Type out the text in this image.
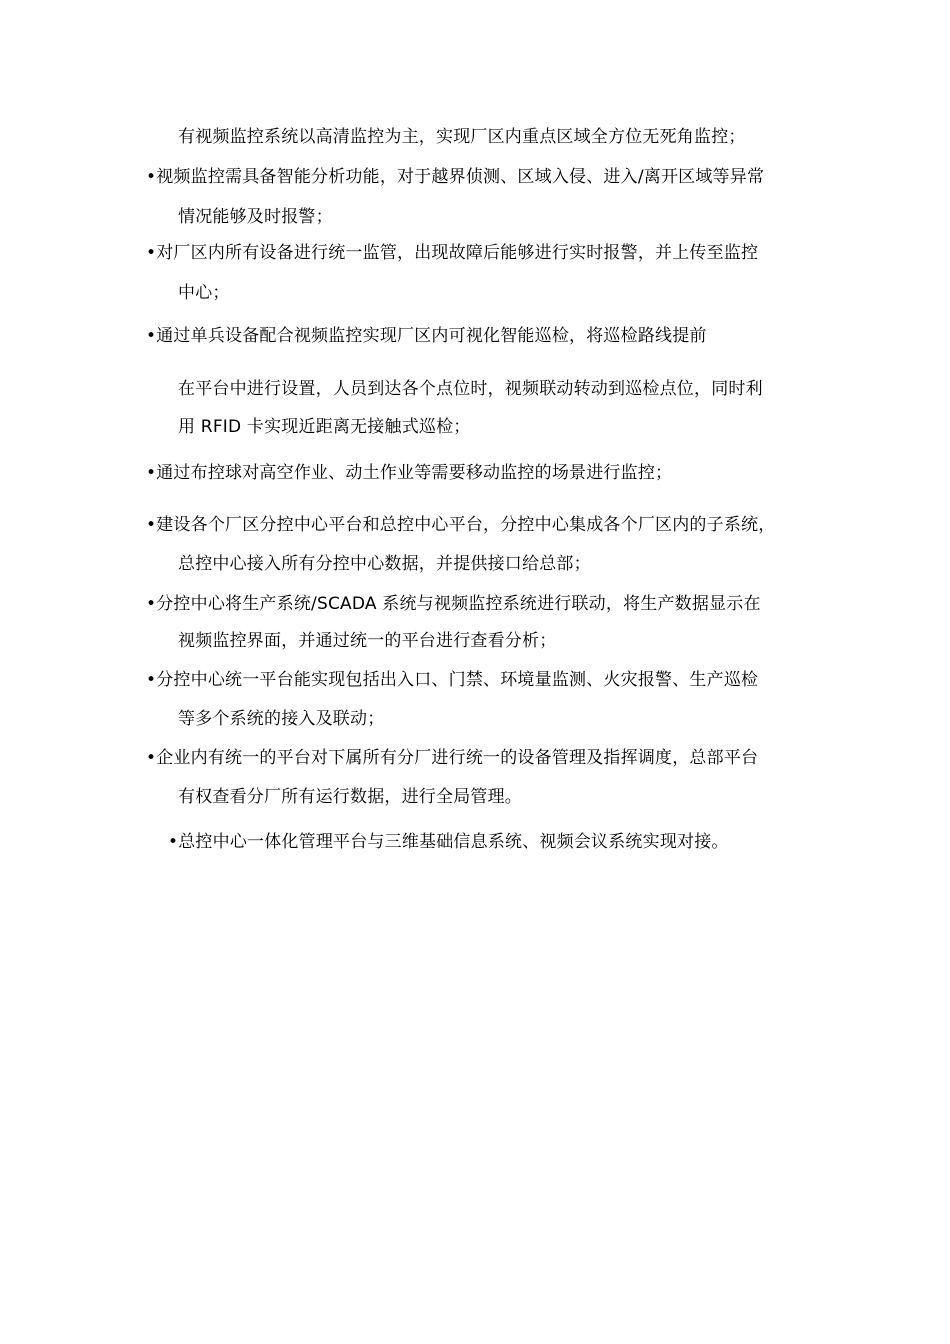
有视频监控系统以高清监控为主，实现厂区内重点区域全方位无死角监控；
•视频监控需具备智能分析功能，对于越界侦测、区域入侵、进入/离开区域等异常
情况能够及时报警；
•对厂区内所有设备进行统一监管，出现故障后能够进行实时报警，并上传至监控
中心；
•通过单兵设备配合视频监控实现厂区内可视化智能巡检，将巡检路线提前
在平台中进行设置，人员到达各个点位时，视频联动转动到巡检点位，同时利
用 RFID 卡实现近距离无接触式巡检；
•通过布控球对高空作业、动土作业等需要移动监控的场景进行监控；
•建设各个厂区分控中心平台和总控中心平台，分控中心集成各个厂区内的子系统，
总控中心接入所有分控中心数据，并提供接口给总部；
•分控中心将生产系统/SCADA 系统与视频监控系统进行联动，将生产数据显示在
视频监控界面，并通过统一的平台进行查看分析；
•分控中心统一平台能实现包括出入口、门禁、环境量监测、火灾报警、生产巡检
等多个系统的接入及联动；
•企业内有统一的平台对下属所有分厂进行统一的设备管理及指挥调度，总部平台
有权查看分厂所有运行数据，进行全局管理。
•总控中心一体化管理平台与三维基础信息系统、视频会议系统实现对接。
